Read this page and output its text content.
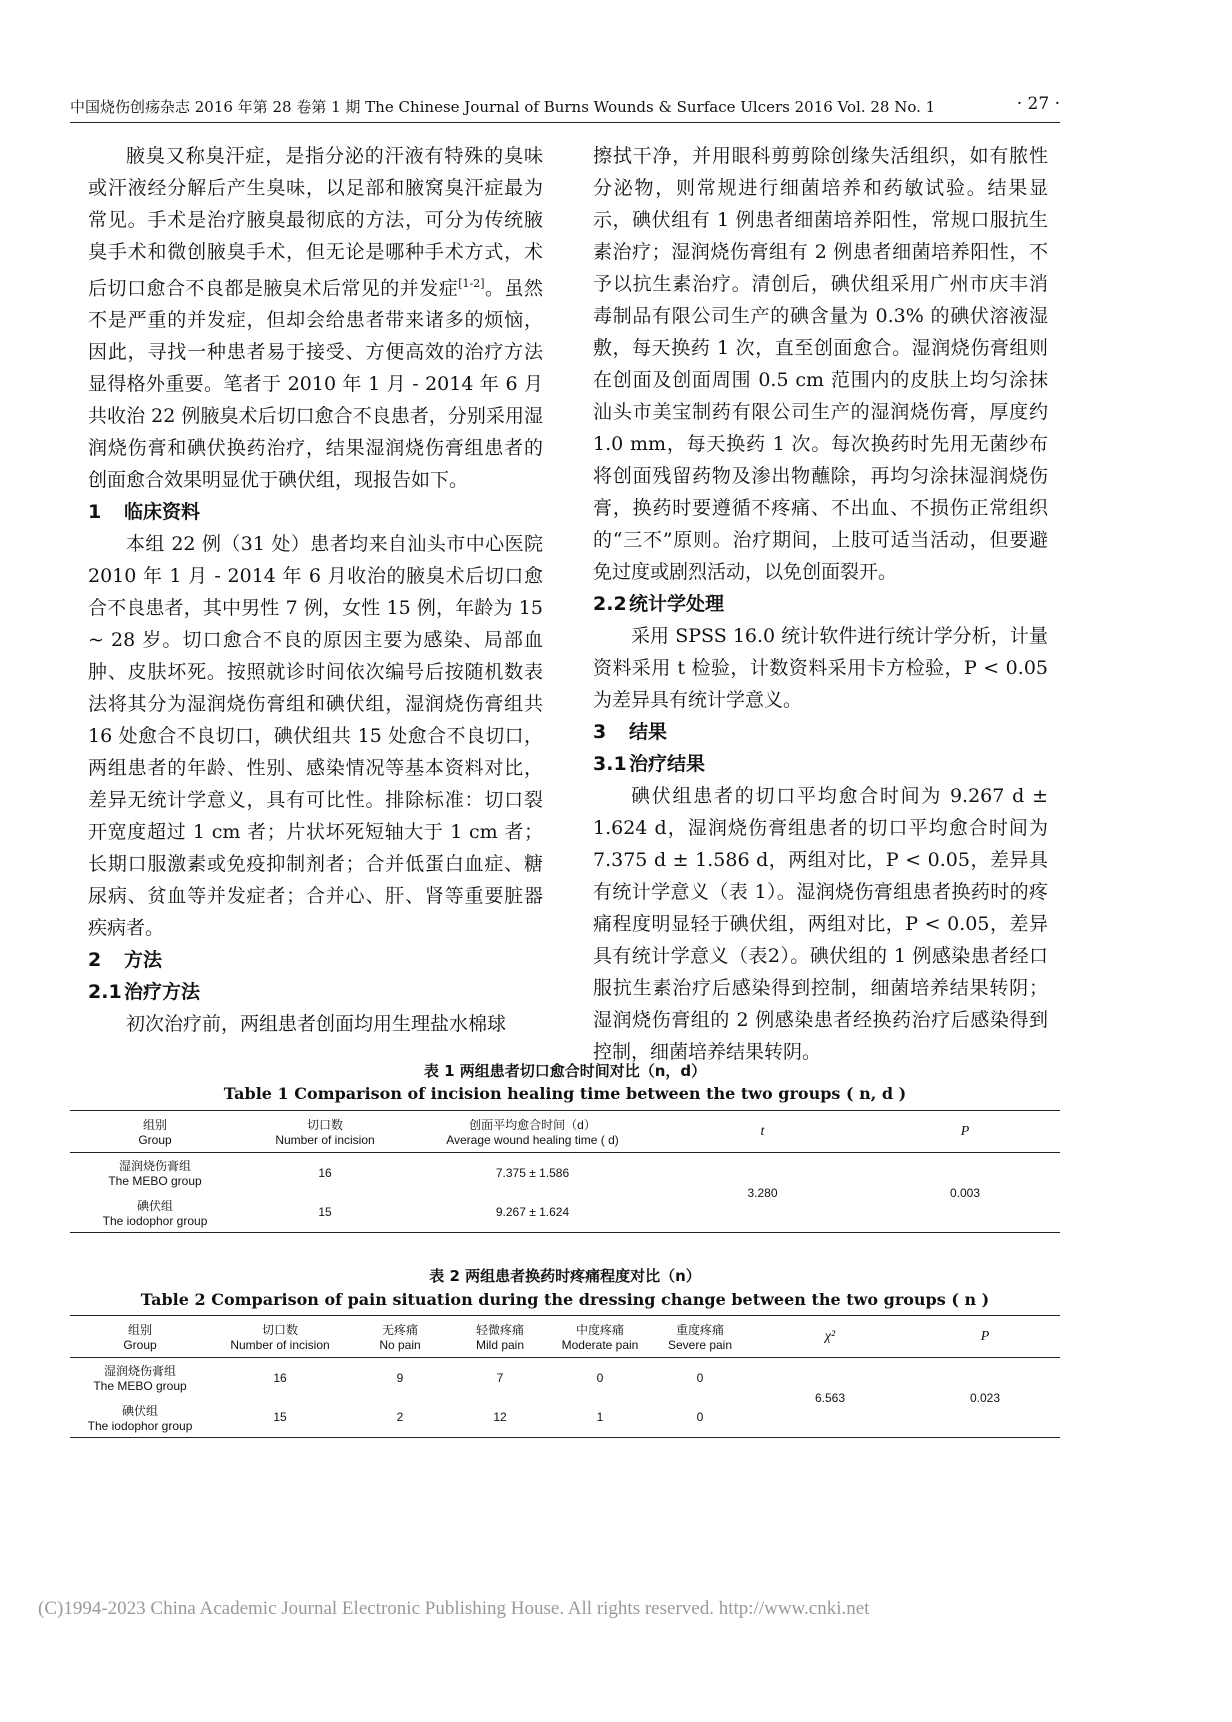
中国烧伤创疡杂志 2016 年第 28 卷第 1 期 The Chinese Journal of Burns Wounds & Surface Ulcers 2016 Vol. 28 No. 1	· 27 ·

腋臭又称臭汗症，是指分泌的汗液有特殊的臭味或汗液经分解后产生臭味，以足部和腋窝臭汗症最为常见。手术是治疗腋臭最彻底的方法，可分为传统腋臭手术和微创腋臭手术，但无论是哪种手术方式，术后切口愈合不良都是腋臭术后常见的并发症[1-2]。虽然不是严重的并发症，但却会给患者带来诸多的烦恼，因此，寻找一种患者易于接受、方便高效的治疗方法显得格外重要。笔者于 2010 年 1 月 - 2014 年 6 月共收治 22 例腋臭术后切口愈合不良患者，分别采用湿润烧伤膏和碘伏换药治疗，结果湿润烧伤膏组患者的创面愈合效果明显优于碘伏组，现报告如下。

1 临床资料

本组 22 例（31 处）患者均来自汕头市中心医院 2010 年 1 月 - 2014 年 6 月收治的腋臭术后切口愈合不良患者，其中男性 7 例，女性 15 例，年龄为 15 ~ 28 岁。切口愈合不良的原因主要为感染、局部血肿、皮肤坏死。按照就诊时间依次编号后按随机数表法将其分为湿润烧伤膏组和碘伏组，湿润烧伤膏组共 16 处愈合不良切口，碘伏组共 15 处愈合不良切口，两组患者的年龄、性别、感染情况等基本资料对比，差异无统计学意义，具有可比性。排除标准：切口裂开宽度超过 1 cm 者；片状坏死短轴大于 1 cm 者；长期口服激素或免疫抑制剂者；合并低蛋白血症、糖尿病、贫血等并发症者；合并心、肝、肾等重要脏器疾病者。

2 方法
2.1 治疗方法

初次治疗前，两组患者创面均用生理盐水棉球

擦拭干净，并用眼科剪剪除创缘失活组织，如有脓性分泌物，则常规进行细菌培养和药敏试验。结果显示，碘伏组有 1 例患者细菌培养阳性，常规口服抗生素治疗；湿润烧伤膏组有 2 例患者细菌培养阳性，不予以抗生素治疗。清创后，碘伏组采用广州市庆丰消毒制品有限公司生产的碘含量为 0.3% 的碘伏溶液湿敷，每天换药 1 次，直至创面愈合。湿润烧伤膏组则在创面及创面周围 0.5 cm 范围内的皮肤上均匀涂抹汕头市美宝制药有限公司生产的湿润烧伤膏，厚度约 1.0 mm，每天换药 1 次。每次换药时先用无菌纱布将创面残留药物及渗出物蘸除，再均匀涂抹湿润烧伤膏，换药时要遵循不疼痛、不出血、不损伤正常组织的“三不”原则。治疗期间，上肢可适当活动，但要避免过度或剧烈活动，以免创面裂开。

2.2 统计学处理

采用 SPSS 16.0 统计软件进行统计学分析，计量资料采用 t 检验，计数资料采用卡方检验，P < 0.05 为差异具有统计学意义。

3 结果
3.1 治疗结果

碘伏组患者的切口平均愈合时间为 9.267 d ± 1.624 d，湿润烧伤膏组患者的切口平均愈合时间为 7.375 d ± 1.586 d，两组对比，P < 0.05，差异具有统计学意义（表 1）。湿润烧伤膏组患者换药时的疼痛程度明显轻于碘伏组，两组对比，P < 0.05，差异具有统计学意义（表2）。碘伏组的 1 例感染患者经口服抗生素治疗后感染得到控制，细菌培养结果转阴；湿润烧伤膏组的 2 例感染患者经换药治疗后感染得到控制，细菌培养结果转阴。

表 1 两组患者切口愈合时间对比（n，d）
Table 1 Comparison of incision healing time between the two groups ( n, d )
组别
Group	切口数
Number of incision	创面平均愈合时间（d）
Average wound healing time ( d)	t	P

湿润烧伤膏组
The MEBO group	16	7.375 ± 1.586	3.280	0.003

碘伏组
The iodophor group	15	9.267 ± 1.624		
表 2 两组患者换药时疼痛程度对比（n）
Table 2 Comparison of pain situation during the dressing change between the two groups ( n )
组别
Group	切口数
Number of incision	无疼痛
No pain	轻微疼痛
Mild pain	中度疼痛
Moderate pain	重度疼痛
Severe pain	χ²	P

湿润烧伤膏组
The MEBO group	16	9	7	0	0	6.563	0.023

碘伏组
The iodophor group	15	2	12	1	0		
(C)1994-2023 China Academic Journal Electronic Publishing House. All rights reserved. http://www.cnki.net
